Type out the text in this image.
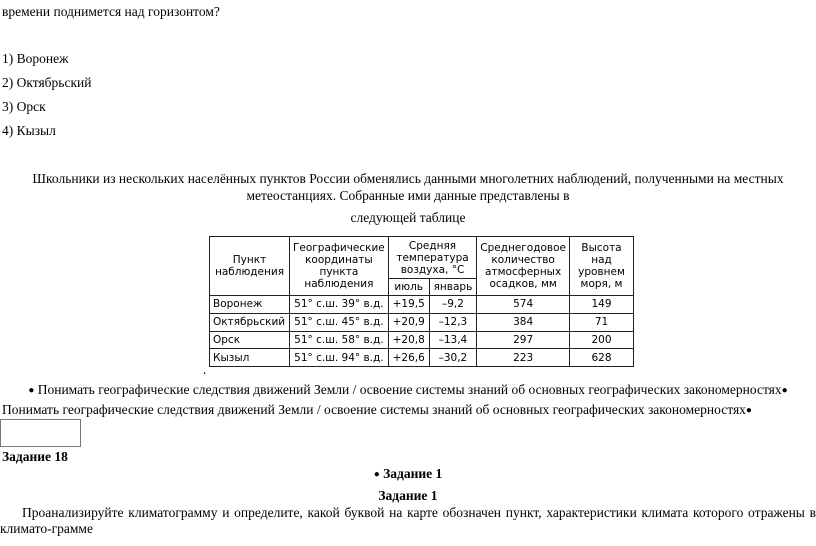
времени поднимется над горизонтом?
1) Воронеж
2) Октябрьский
3) Орск
4) Кызыл
Школьники из нескольких населённых пунктов России обменялись данными многолетних наблюдений, полученными на местных
метеостанциях. Собранные ими данные представлены в
следующей таблице
Пункт наблюдения	Географические координаты пункта наблюдения	Средняя температура воздуха, °С		Среднегодовое количество атмосферных осадков, мм	Высота над уровнем моря, м
		июль	январь		
Воронеж	51° с.ш. 39° в.д.	+19,5	–9,2	574	149
Октябрьский	51° с.ш. 45° в.д.	+20,9	–12,3	384	71
Орск	51° с.ш. 58° в.д.	+20,8	–13,4	297	200
Кызыл	51° с.ш. 94° в.д.	+26,6	–30,2	223	628
.
● Понимать географические следствия движений Земли / освоение системы знаний об основных географических закономерностях●
Понимать географические следствия движений Земли / освоение системы знаний об основных географических закономерностях●
Задание 18
● Задание 1
Задание 1
Проанализируйте климатограмму и определите, какой буквой на карте обозначен пункт, характеристики климата которого отражены в климато-грамме
